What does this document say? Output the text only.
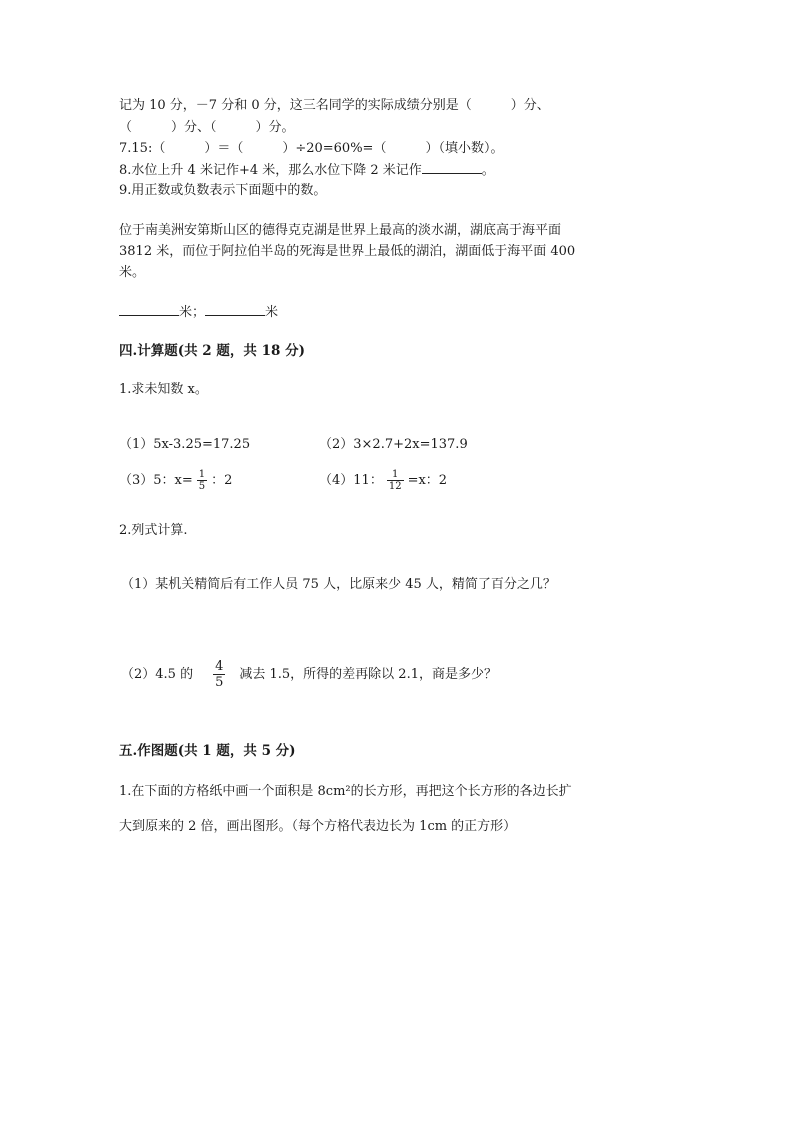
记为 10 分，－7 分和 0 分，这三名同学的实际成绩分别是（　　　）分、
（　　　）分、（　　　）分。
7.15:（　　　）＝（　　　）÷20=60%=（　　　）（填小数）。
8.水位上升 4 米记作+4 米，那么水位下降 2 米记作	。
9.用正数或负数表示下面题中的数。
位于南美洲安第斯山区的德得克克湖是世界上最高的淡水湖，湖底高于海平面
3812 米，而位于阿拉伯半岛的死海是世界上最低的湖泊，湖面低于海平面 400
米。
米；	米
四.计算题(共 2 题，共 18 分)
1.求未知数 x。
（1）5x-3.25=17.25	（2）3×2.7+2x=137.9
（3）5：$x= \frac{1}{5}$ ：2	（4）11： $\frac{1}{12} =x$：2
2.列式计算.
（1）某机关精简后有工作人员 75 人，比原来少 45 人，精简了百分之几？
（2）4.5 的 $\frac{4}{5}$ 减去 1.5，所得的差再除以 2.1，商是多少？
五.作图题(共 1 题，共 5 分)
1.在下面的方格纸中画一个面积是 8cm²的长方形，再把这个长方形的各边长扩
大到原来的 2 倍，画出图形。（每个方格代表边长为 1cm 的正方形）
